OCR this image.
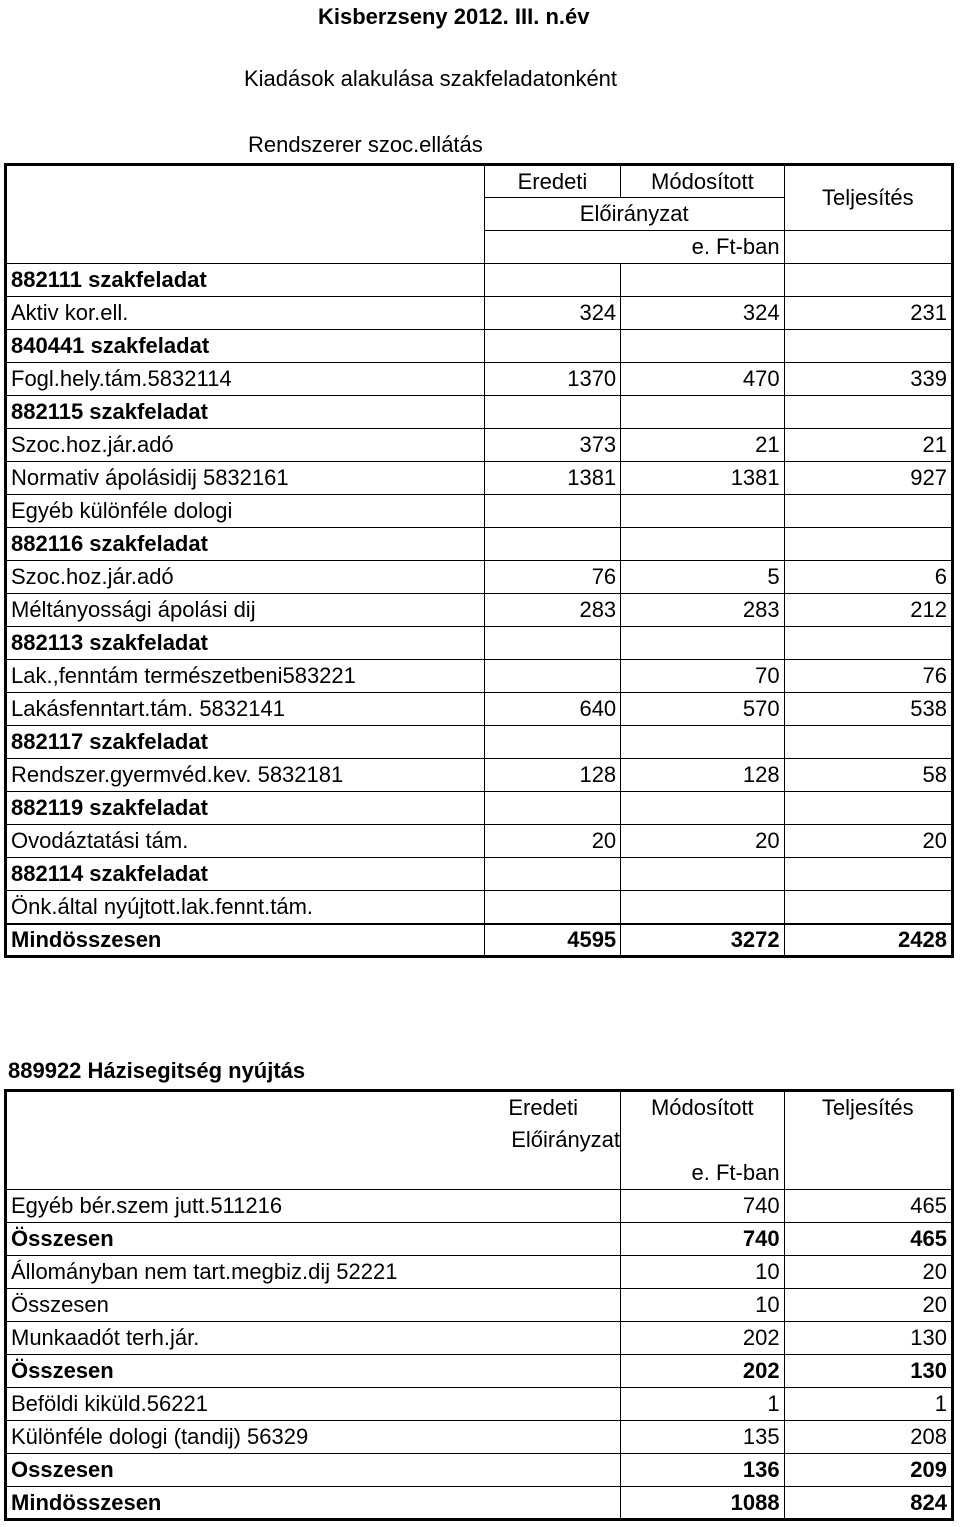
Kisberzseny 2012. III. n.év
Kiadások alakulása szakfeladatonként
Rendszerer szoc.ellátás
	Eredeti	Módosított	Teljesítés
	Előirányzat		
	e. Ft-ban		
882111 szakfeladat			
Aktiv kor.ell.	324	324	231
840441 szakfeladat			
Fogl.hely.tám.5832114	1370	470	339
882115 szakfeladat			
Szoc.hoz.jár.adó	373	21	21
Normativ ápolásidij 5832161	1381	1381	927
Egyéb különféle dologi			
882116 szakfeladat			
Szoc.hoz.jár.adó	76	5	6
Méltányossági ápolási dij	283	283	212
882113 szakfeladat			
Lak.,fenntám természetbeni583221		70	76
Lakásfenntart.tám. 5832141	640	570	538
882117 szakfeladat			
Rendszer.gyermvéd.kev. 5832181	128	128	58
882119 szakfeladat			
Ovodáztatási tám.	20	20	20
882114 szakfeladat			
Önk.által nyújtott.lak.fennt.tám.			
Mindösszesen	4595	3272	2428
889922 Házisegitség nyújtás
Eredeti	Módosított	Teljesítés
Előirányzat		
	e. Ft-ban	
Egyéb bér.szem jutt.511216	740	465
Összesen	740	465
Állományban nem tart.megbiz.dij 52221	10	20
Összesen	10	20
Munkaadót terh.jár.	202	130
Összesen	202	130
Beföldi kiküld.56221	1	1
Különféle dologi (tandij) 56329	135	208
Osszesen	136	209
Mindösszesen	1088	824
